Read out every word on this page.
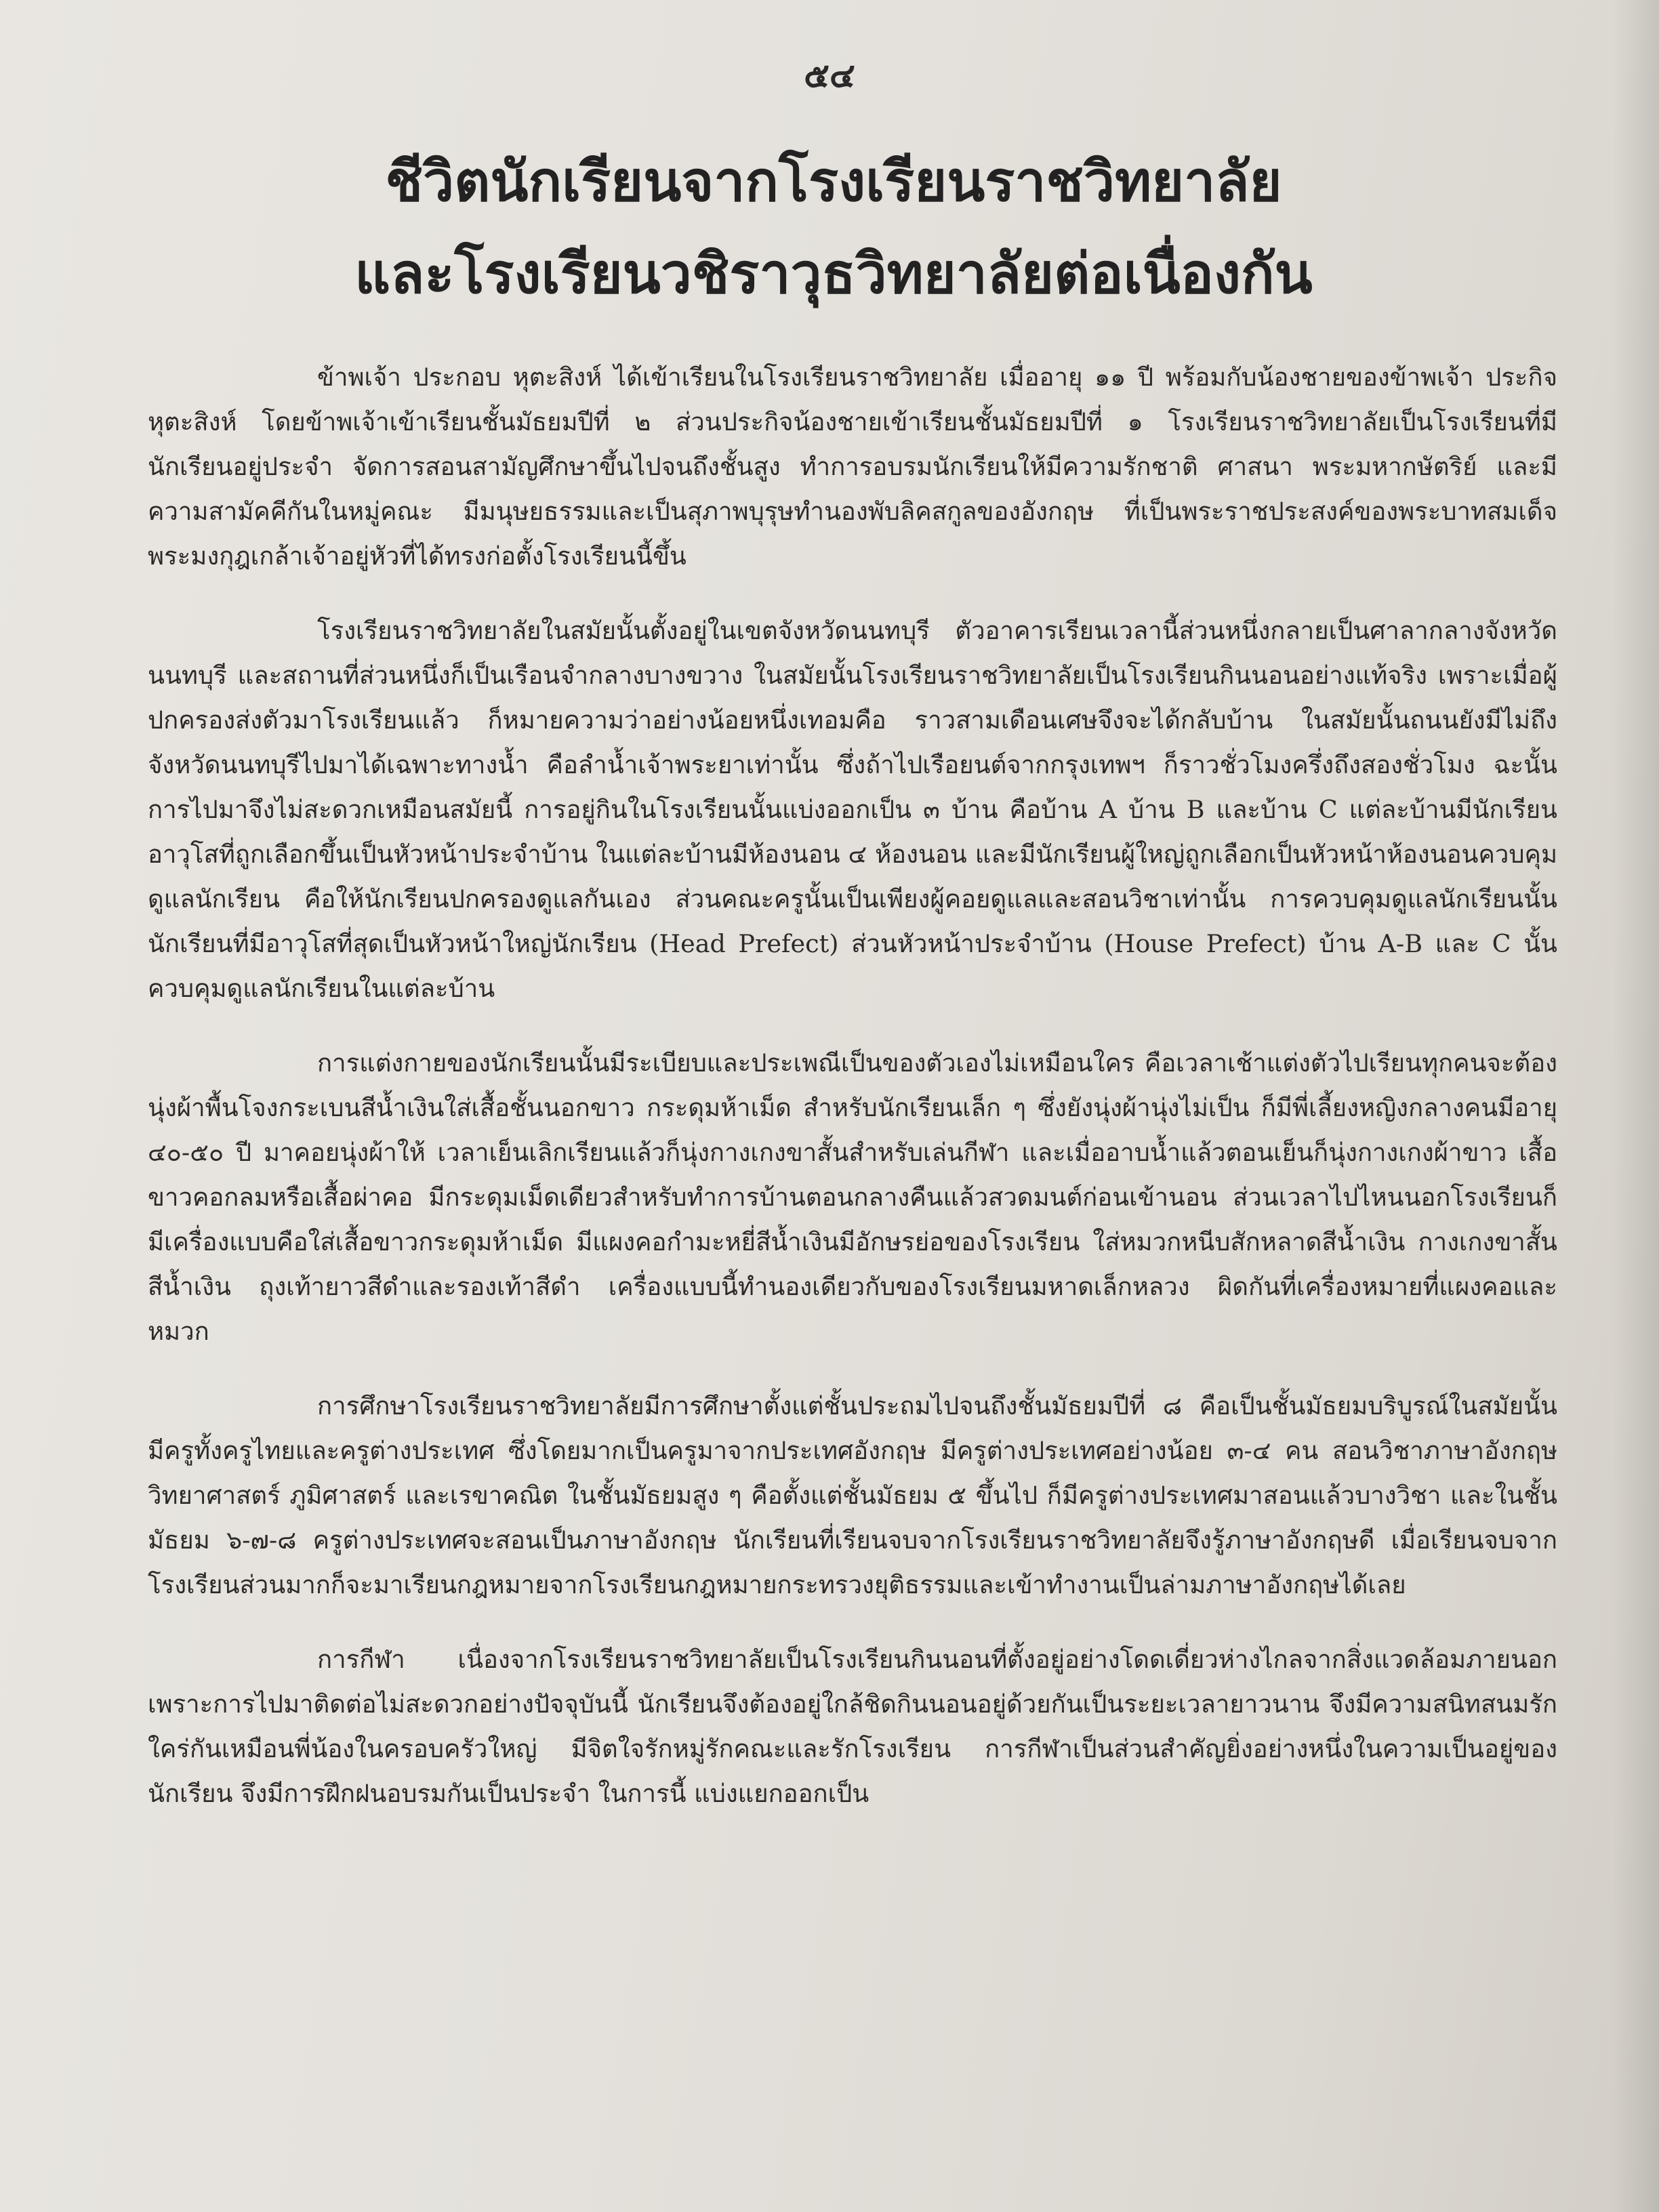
๕๔
ชีวิตนักเรียนจากโรงเรียนราชวิทยาลัย
และโรงเรียนวชิราวุธวิทยาลัยต่อเนื่องกัน

ข้าพเจ้า ประกอบ หุตะสิงห์ ได้เข้าเรียนในโรงเรียนราชวิทยาลัย เมื่ออายุ ๑๑ ปี พร้อมกับน้องชายของข้าพเจ้า ประกิจ หุตะสิงห์ โดยข้าพเจ้าเข้าเรียนชั้นมัธยมปีที่ ๒ ส่วนประกิจน้องชายเข้าเรียนชั้นมัธยมปีที่ ๑ โรงเรียนราชวิทยาลัยเป็นโรงเรียนที่มีนักเรียนอยู่ประจำ จัดการสอนสามัญศึกษาขึ้นไปจนถึงชั้นสูง ทำการอบรมนักเรียนให้มีความรักชาติ ศาสนา พระมหากษัตริย์ และมีความสามัคคีกันในหมู่คณะ มีมนุษยธรรมและเป็นสุภาพบุรุษทำนองพับลิคสกูลของอังกฤษ ที่เป็นพระราชประสงค์ของพระบาทสมเด็จพระมงกุฎเกล้าเจ้าอยู่หัวที่ได้ทรงก่อตั้งโรงเรียนนี้ขึ้น

โรงเรียนราชวิทยาลัยในสมัยนั้นตั้งอยู่ในเขตจังหวัดนนทบุรี ตัวอาคารเรียนเวลานี้ส่วนหนึ่งกลายเป็นศาลากลางจังหวัดนนทบุรี และสถานที่ส่วนหนึ่งก็เป็นเรือนจำกลางบางขวาง ในสมัยนั้นโรงเรียนราชวิทยาลัยเป็นโรงเรียนกินนอนอย่างแท้จริง เพราะเมื่อผู้ปกครองส่งตัวมาโรงเรียนแล้ว ก็หมายความว่าอย่างน้อยหนึ่งเทอมคือ ราวสามเดือนเศษจึงจะได้กลับบ้าน ในสมัยนั้นถนนยังมีไม่ถึงจังหวัดนนทบุรีไปมาได้เฉพาะทางน้ำ คือลำน้ำเจ้าพระยาเท่านั้น ซึ่งถ้าไปเรือยนต์จากกรุงเทพฯ ก็ราวชั่วโมงครึ่งถึงสองชั่วโมง ฉะนั้นการไปมาจึงไม่สะดวกเหมือนสมัยนี้ การอยู่กินในโรงเรียนนั้นแบ่งออกเป็น ๓ บ้าน คือบ้าน A บ้าน B และบ้าน C แต่ละบ้านมีนักเรียนอาวุโสที่ถูกเลือกขึ้นเป็นหัวหน้าประจำบ้าน ในแต่ละบ้านมีห้องนอน ๔ ห้องนอน และมีนักเรียนผู้ใหญ่ถูกเลือกเป็นหัวหน้าห้องนอนควบคุมดูแลนักเรียน คือให้นักเรียนปกครองดูแลกันเอง ส่วนคณะครูนั้นเป็นเพียงผู้คอยดูแลและสอนวิชาเท่านั้น การควบคุมดูแลนักเรียนนั้นนักเรียนที่มีอาวุโสที่สุดเป็นหัวหน้าใหญ่นักเรียน (Head Prefect) ส่วนหัวหน้าประจำบ้าน (House Prefect) บ้าน A-B และ C นั้นควบคุมดูแลนักเรียนในแต่ละบ้าน

การแต่งกายของนักเรียนนั้นมีระเบียบและประเพณีเป็นของตัวเองไม่เหมือนใคร คือเวลาเช้าแต่งตัวไปเรียนทุกคนจะต้องนุ่งผ้าพื้นโจงกระเบนสีน้ำเงินใส่เสื้อชั้นนอกขาว กระดุมห้าเม็ด สำหรับนักเรียนเล็ก ๆ ซึ่งยังนุ่งผ้านุ่งไม่เป็น ก็มีพี่เลี้ยงหญิงกลางคนมีอายุ ๔๐-๕๐ ปี มาคอยนุ่งผ้าให้ เวลาเย็นเลิกเรียนแล้วก็นุ่งกางเกงขาสั้นสำหรับเล่นกีฬา และเมื่ออาบน้ำแล้วตอนเย็นก็นุ่งกางเกงผ้าขาว เสื้อขาวคอกลมหรือเสื้อผ่าคอ มีกระดุมเม็ดเดียวสำหรับทำการบ้านตอนกลางคืนแล้วสวดมนต์ก่อนเข้านอน ส่วนเวลาไปไหนนอกโรงเรียนก็มีเครื่องแบบคือใส่เสื้อขาวกระดุมห้าเม็ด มีแผงคอกำมะหยี่สีน้ำเงินมีอักษรย่อของโรงเรียน ใส่หมวกหนีบสักหลาดสีน้ำเงิน กางเกงขาสั้นสีน้ำเงิน ถุงเท้ายาวสีดำและรองเท้าสีดำ เครื่องแบบนี้ทำนองเดียวกับของโรงเรียนมหาดเล็กหลวง ผิดกันที่เครื่องหมายที่แผงคอและหมวก

การศึกษาโรงเรียนราชวิทยาลัยมีการศึกษาตั้งแต่ชั้นประถมไปจนถึงชั้นมัธยมปีที่ ๘ คือเป็นชั้นมัธยมบริบูรณ์ในสมัยนั้น มีครูทั้งครูไทยและครูต่างประเทศ ซึ่งโดยมากเป็นครูมาจากประเทศอังกฤษ มีครูต่างประเทศอย่างน้อย ๓-๔ คน สอนวิชาภาษาอังกฤษ วิทยาศาสตร์ ภูมิศาสตร์ และเรขาคณิต ในชั้นมัธยมสูง ๆ คือตั้งแต่ชั้นมัธยม ๕ ขึ้นไป ก็มีครูต่างประเทศมาสอนแล้วบางวิชา และในชั้นมัธยม ๖-๗-๘ ครูต่างประเทศจะสอนเป็นภาษาอังกฤษ นักเรียนที่เรียนจบจากโรงเรียนราชวิทยาลัยจึงรู้ภาษาอังกฤษดี เมื่อเรียนจบจากโรงเรียนส่วนมากก็จะมาเรียนกฎหมายจากโรงเรียนกฎหมายกระทรวงยุติธรรมและเข้าทำงานเป็นล่ามภาษาอังกฤษได้เลย

การกีฬา เนื่องจากโรงเรียนราชวิทยาลัยเป็นโรงเรียนกินนอนที่ตั้งอยู่อย่างโดดเดี่ยวห่างไกลจากสิ่งแวดล้อมภายนอก เพราะการไปมาติดต่อไม่สะดวกอย่างปัจจุบันนี้ นักเรียนจึงต้องอยู่ใกล้ชิดกินนอนอยู่ด้วยกันเป็นระยะเวลายาวนาน จึงมีความสนิทสนมรักใคร่กันเหมือนพี่น้องในครอบครัวใหญ่ มีจิตใจรักหมู่รักคณะและรักโรงเรียน การกีฬาเป็นส่วนสำคัญยิ่งอย่างหนึ่งในความเป็นอยู่ของนักเรียน จึงมีการฝึกฝนอบรมกันเป็นประจำ ในการนี้ แบ่งแยกออกเป็น
